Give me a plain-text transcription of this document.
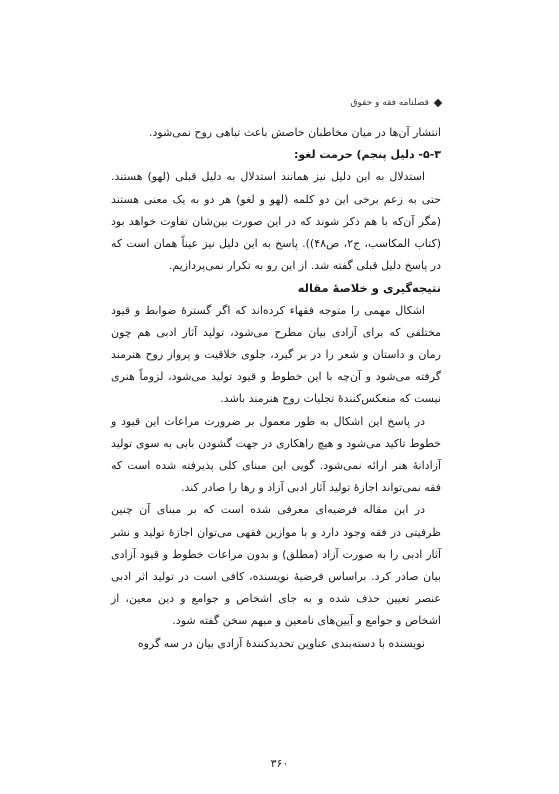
فصلنامه فقه و حقوق

انتشار آن‌ها در میان مخاطبان خاصش باعث تباهی روح نمی‌شود.

۵-۳- دلیل پنجم) حرمت لغو:

استدلال به این دلیل نیز همانند استدلال به دلیل قبلی (لهو) هستند. حتی به زعم برخی این دو کلمه (لهو و لغو) هر دو به یک معنی هستند (مگر آن‌که با هم ذکر شوند که در این صورت بین‌شان تفاوت خواهد بود (کتاب المکاسب، ج۲، ص۴۸)). پاسخ به این دلیل نیز عیناً همان است که در پاسخ دلیل قبلی گفته شد. از این رو به تکرار نمی‌پردازیم.

نتیجه‌گیری و خلاصهٔ مقاله

اشکال مهمی را متوجه فقهاء کرده‌اند که اگر گسترهٔ ضوابط و قیود مختلفی که برای آزادی بیان مطرح می‌شود، تولید آثار ادبی هم چون رمان و داستان و شعر را در بر گیرد، جلوی خلاقیت و پرواز روح هنرمند گرفته می‌شود و آن‌چه با این خطوط و قیود تولید می‌شود، لزوماً هنری نیست که منعکس‌کنندهٔ تجلیات روح هنرمند باشد.

در پاسخ این اشکال به طور معمول بر ضرورت مراعات این قیود و خطوط تاکید می‌شود و هیچ راهکاری در جهت گشودن بابی به سوی تولید آزادانهٔ هنر ارائه نمی‌شود. گویی این مبنای کلی پذیرفته شده است که فقه نمی‌تواند اجازهٔ تولید آثار ادبی آزاد و رها را صادر کند.

در این مقاله فرضیه‌ای معرفی شده است که بر مبنای آن چنین ظرفیتی در فقه وجود دارد و با موازین فقهی می‌توان اجازهٔ تولید و نشر آثار ادبی را به صورت آزاد (مطلق) و بدون مراعات خطوط و قیود آزادی بیان صادر کرد. براساس فرضیهٔ نویسنده، کافی است در تولید اثر ادبی عنصر تعیین حذف شده و به جای اشخاص و جوامع و دین معین، از اشخاص و جوامع و آیین‌های نامعین و مبهم سخن گفته شود.

نویسنده با دسته‌بندی عناوین تحدیدکنندهٔ آزادی بیان در سه گروه

۳۶۰
